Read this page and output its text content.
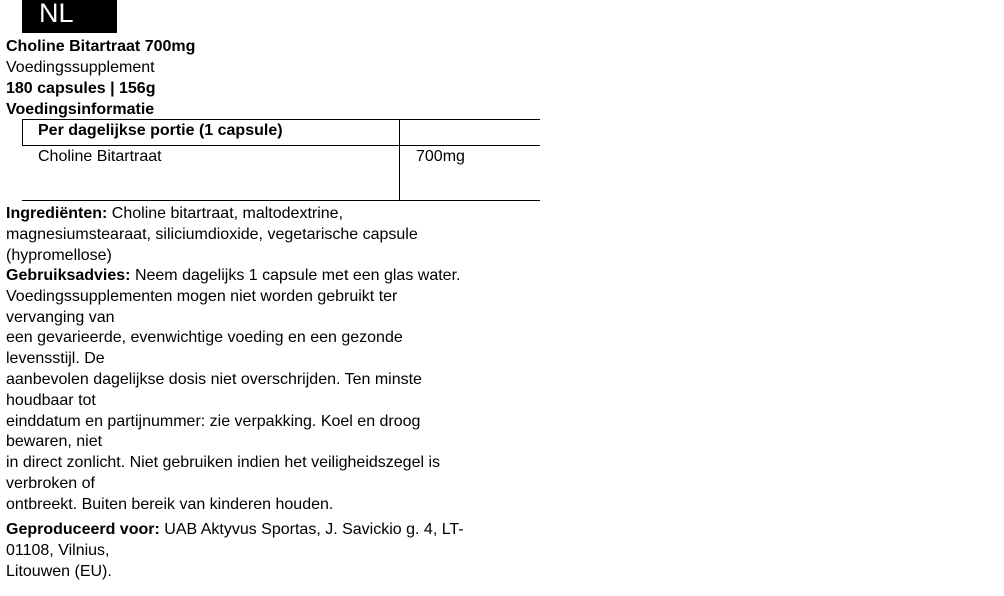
NL
Choline Bitartraat 700mg
Voedingssupplement
180 capsules | 156g
Voedingsinformatie
Per dagelijkse portie (1 capsule)
Choline Bitartraat	700mg
Ingrediënten: Choline bitartraat, maltodextrine,
magnesiumstearaat, siliciumdioxide, vegetarische capsule
(hypromellose)
Gebruiksadvies: Neem dagelijks 1 capsule met een glas water.
Voedingssupplementen mogen niet worden gebruikt ter
vervanging van
een gevarieerde, evenwichtige voeding en een gezonde
levensstijl. De
aanbevolen dagelijkse dosis niet overschrijden. Ten minste
houdbaar tot
einddatum en partijnummer: zie verpakking. Koel en droog
bewaren, niet
in direct zonlicht. Niet gebruiken indien het veiligheidszegel is
verbroken of
ontbreekt. Buiten bereik van kinderen houden.
Geproduceerd voor: UAB Aktyvus Sportas, J. Savickio g. 4, LT-
01108, Vilnius,
Litouwen (EU).
